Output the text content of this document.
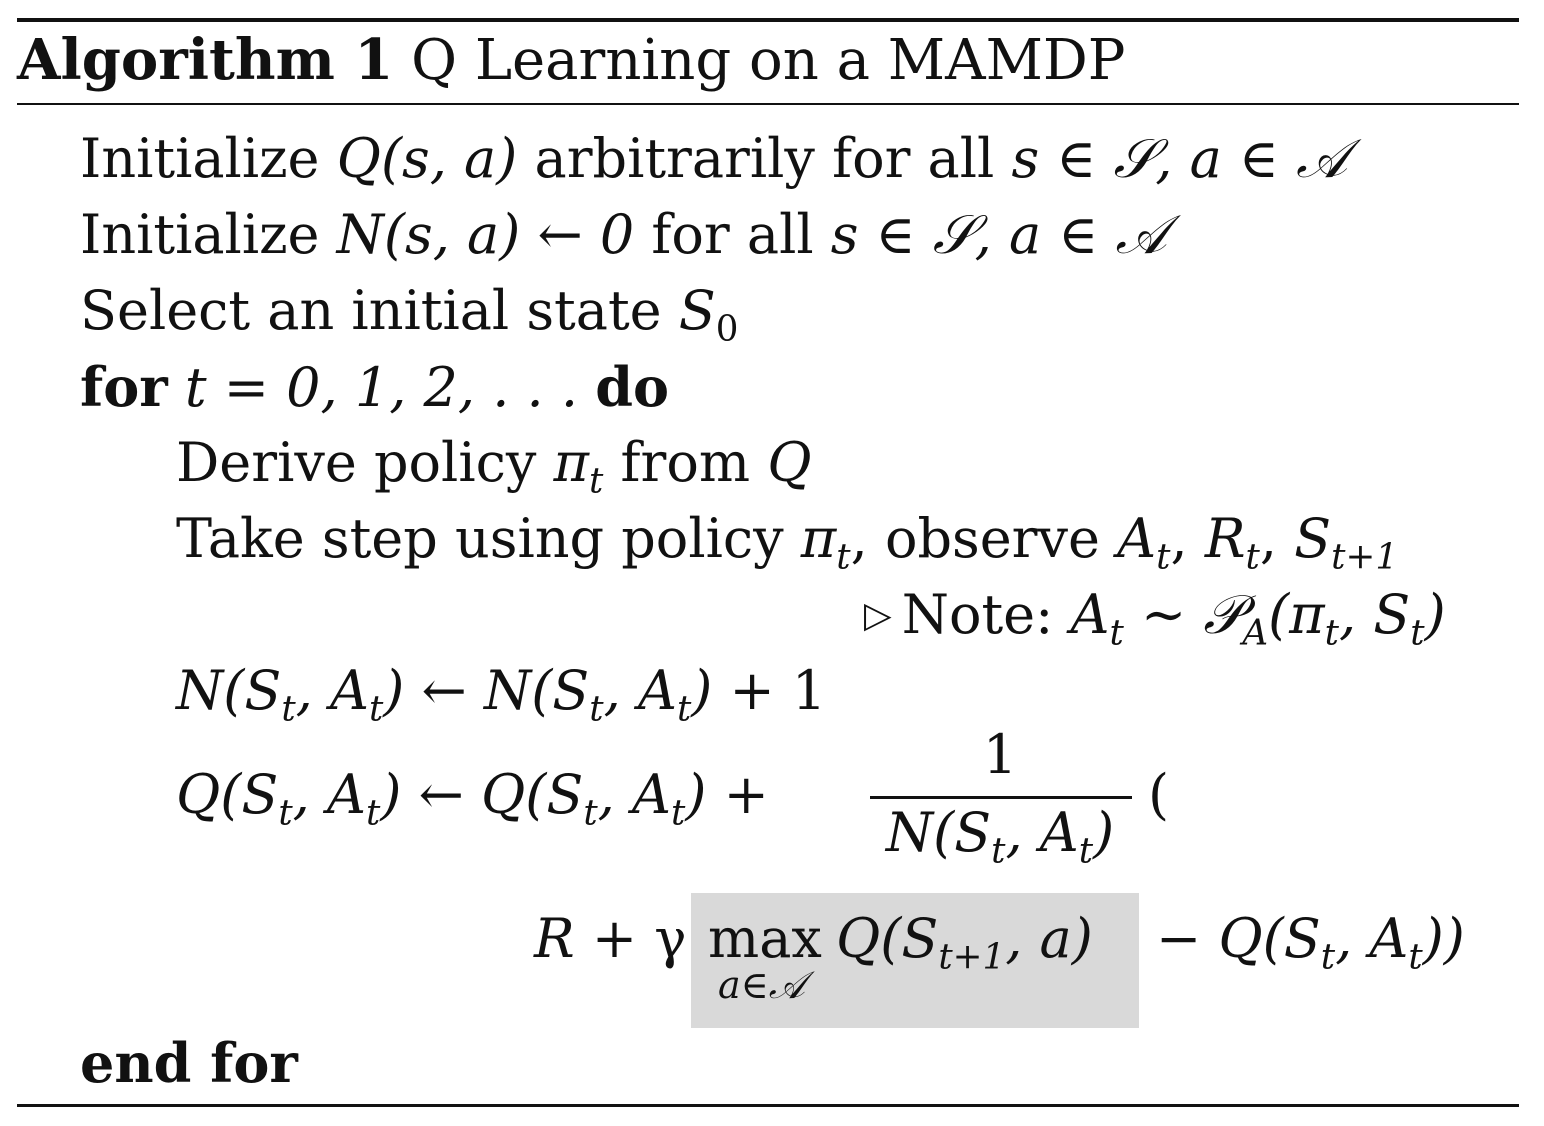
Algorithm 1 Q Learning on a MAMDP
Initialize Q(s, a) arbitrarily for all s ∈ 𝒮, a ∈ 𝒜
Initialize N(s, a) ← 0 for all s ∈ 𝒮, a ∈ 𝒜
Select an initial state $S_0$
for t = 0, 1, 2, . . . do
Derive policy $\pi_t$ from Q
Take step using policy $\pi_t$, observe $A_t$, $R_t$, $S_{t+1}$
▷ Note: $A_t$ ∼ $𝒫_A(\pi_t$, $S_t$)
$N(S_t$, $A_t$) ← $N(S_t$, $A_t) + 1$
$Q(S_t$, $A_t$) ← $Q(S_t$, $A_t$) +
1
$N(S_t$, $A_t$)
(
R + γ max
a∈𝒜
$Q(S_{t+1}$, $a) - Q(S_t$, $A_t$))
end for
